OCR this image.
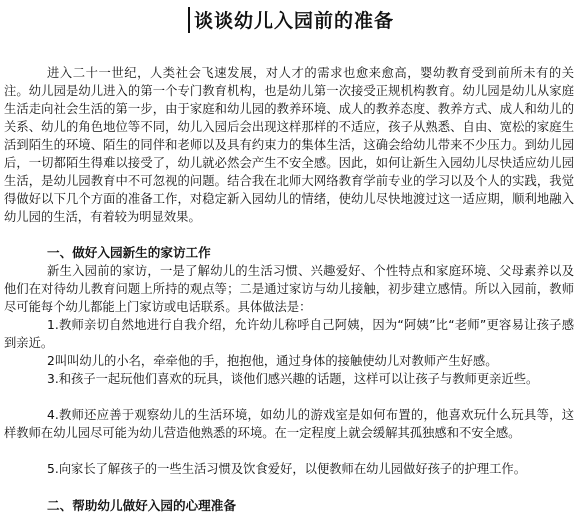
谈谈幼儿入园前的准备

进入二十一世纪，人类社会飞速发展，对人才的需求也愈来愈高，婴幼教育受到前所未有的关注。幼儿园是幼儿进入的第一个专门教育机构，也是幼儿第一次接受正规机构教育。幼儿园是幼儿从家庭生活走向社会生活的第一步，由于家庭和幼儿园的教养环境、成人的教养态度、教养方式、成人和幼儿的关系、幼儿的角色地位等不同，幼儿入园后会出现这样那样的不适应，孩子从熟悉、自由、宽松的家庭生活到陌生的环境、陌生的同伴和老师以及具有约束力的集体生活，这确会给幼儿带来不少压力。到幼儿园后，一切都陌生得难以接受了，幼儿就必然会产生不安全感。因此，如何让新生入园幼儿尽快适应幼儿园生活，是幼儿园教育中不可忽视的问题。结合我在北师大网络教育学前专业的学习以及个人的实践，我觉得做好以下几个方面的准备工作，对稳定新入园幼儿的情绪，使幼儿尽快地渡过这一适应期，顺利地融入幼儿园的生活，有着较为明显效果。

一、做好入园新生的家访工作

新生入园前的家访，一是了解幼儿的生活习惯、兴趣爱好、个性特点和家庭环境、父母素养以及他们在对待幼儿教育问题上所持的观点等；二是通过家访与幼儿接触，初步建立感情。所以入园前，教师尽可能每个幼儿都能上门家访或电话联系。具体做法是：

1.教师亲切自然地进行自我介绍，允许幼儿称呼自己阿姨，因为“阿姨”比“老师”更容易让孩子感到亲近。

2叫叫幼儿的小名，牵牵他的手，抱抱他，通过身体的接触使幼儿对教师产生好感。

3.和孩子一起玩他们喜欢的玩具，谈他们感兴趣的话题，这样可以让孩子与教师更亲近些。

4.教师还应善于观察幼儿的生活环境，如幼儿的游戏室是如何布置的，他喜欢玩什么玩具等，这样教师在幼儿园尽可能为幼儿营造他熟悉的环境。在一定程度上就会缓解其孤独感和不安全感。

5.向家长了解孩子的一些生活习惯及饮食爱好，以便教师在幼儿园做好孩子的护理工作。

二、帮助幼儿做好入园的心理准备
